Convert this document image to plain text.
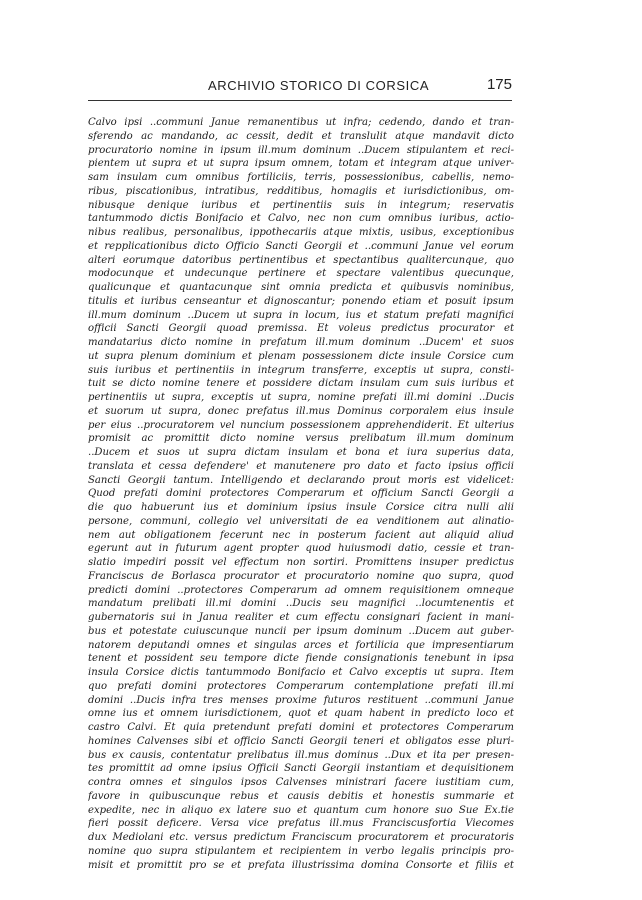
ARCHIVIO STORICO DI CORSICA	175
Calvo ipsi ..communi Janue remanentibus ut infra; cedendo, dando et tran-
sferendo ac mandando, ac cessit, dedit et translulit atque mandavit dicto
procuratorio nomine in ipsum ill.mum dominum ..Ducem stipulantem et reci-
pientem ut supra et ut supra ipsum omnem, totam et integram atque univer-
sam insulam cum omnibus fortiliciis, terris, possessionibus, cabellis, nemo-
ribus, piscationibus, intratibus, redditibus, homagiis et iurisdictionibus, om-
nibusque denique iuribus et pertinentiis suis in integrum; reservatis
tantummodo dictis Bonifacio et Calvo, nec non cum omnibus iuribus, actio-
nibus realibus, personalibus, ippothecariis atque mixtis, usibus, exceptionibus
et repplicationibus dicto Officio Sancti Georgii et ..communi Janue vel eorum
alteri eorumque datoribus pertinentibus et spectantibus qualitercunque, quo
modocunque et undecunque pertinere et spectare valentibus quecunque,
qualicunque et quantacunque sint omnia predicta et quibusvis nominibus,
titulis et iuribus censeantur et dignoscantur; ponendo etiam et posuit ipsum
ill.mum dominum ..Ducem ut supra in locum, ius et statum prefati magnifici
officii Sancti Georgii quoad premissa. Et voleus predictus procurator et
mandatarius dicto nomine in prefatum ill.mum dominum ..Ducem' et suos
ut supra plenum dominium et plenam possessionem dicte insule Corsice cum
suis iuribus et pertinentiis in integrum transferre, exceptis ut supra, consti-
tuit se dicto nomine tenere et possidere dictam insulam cum suis iuribus et
pertinentiis ut supra, exceptis ut supra, nomine prefati ill.mi domini ..Ducis
et suorum ut supra, donec prefatus ill.mus Dominus corporalem eius insule
per eius ..procuratorem vel nuncium possessionem apprehendiderit. Et ulterius
promisit ac promittit dicto nomine versus prelibatum ill.mum dominum
..Ducem et suos ut supra dictam insulam et bona et iura superius data,
translata et cessa defendere' et manutenere pro dato et facto ipsius officii
Sancti Georgii tantum. Intelligendo et declarando prout moris est videlicet:
Quod prefati domini protectores Comperarum et officium Sancti Georgii a
die quo habuerunt ius et dominium ipsius insule Corsice citra nulli alii
persone, communi, collegio vel universitati de ea venditionem aut alinatio-
nem aut obligationem fecerunt nec in posterum facient aut aliquid aliud
egerunt aut in futurum agent propter quod huiusmodi datio, cessie et tran-
slatio impediri possit vel effectum non sortiri. Promittens insuper predictus
Franciscus de Borlasca procurator et procuratorio nomine quo supra, quod
predicti domini ..protectores Comperarum ad omnem requisitionem omneque
mandatum prelibati ill.mi domini ..Ducis seu magnifici ..locumtenentis et
gubernatoris sui in Janua realiter et cum effectu consignari facient in mani-
bus et potestate cuiuscunque nuncii per ipsum dominum ..Ducem aut guber-
natorem deputandi omnes et singulas arces et fortilicia que impresentiarum
tenent et possident seu tempore dicte fiende consignationis tenebunt in ipsa
insula Corsice dictis tantummodo Bonifacio et Calvo exceptis ut supra. Item
quo prefati domini protectores Comperarum contemplatione prefati ill.mi
domini ..Ducis infra tres menses proxime futuros restituent ..communi Janue
omne ius et omnem iurisdictionem, quot et quam habent in predicto loco et
castro Calvi. Et quia pretendunt prefati domini et protectores Comperarum
homines Calvenses sibi et officio Sancti Georgii teneri et obligatos esse pluri-
bus ex causis, contentatur prelibatus ill.mus dominus ..Dux et ita per presen-
tes promittit ad omne ipsius Officii Sancti Georgii instantiam et dequisitionem
contra omnes et singulos ipsos Calvenses ministrari facere iustitiam cum,
favore in quibuscunque rebus et causis debitis et honestis summarie et
expedite, nec in aliquo ex latere suo et quantum cum honore suo Sue Ex.tie
fieri possit deficere. Versa vice prefatus ill.mus Franciscusfortia Viecomes
dux Mediolani etc. versus predictum Franciscum procuratorem et procuratoris
nomine quo supra stipulantem et recipientem in verbo legalis principis pro-
misit et promittit pro se et prefata illustrissima domina Consorte et filiis et
